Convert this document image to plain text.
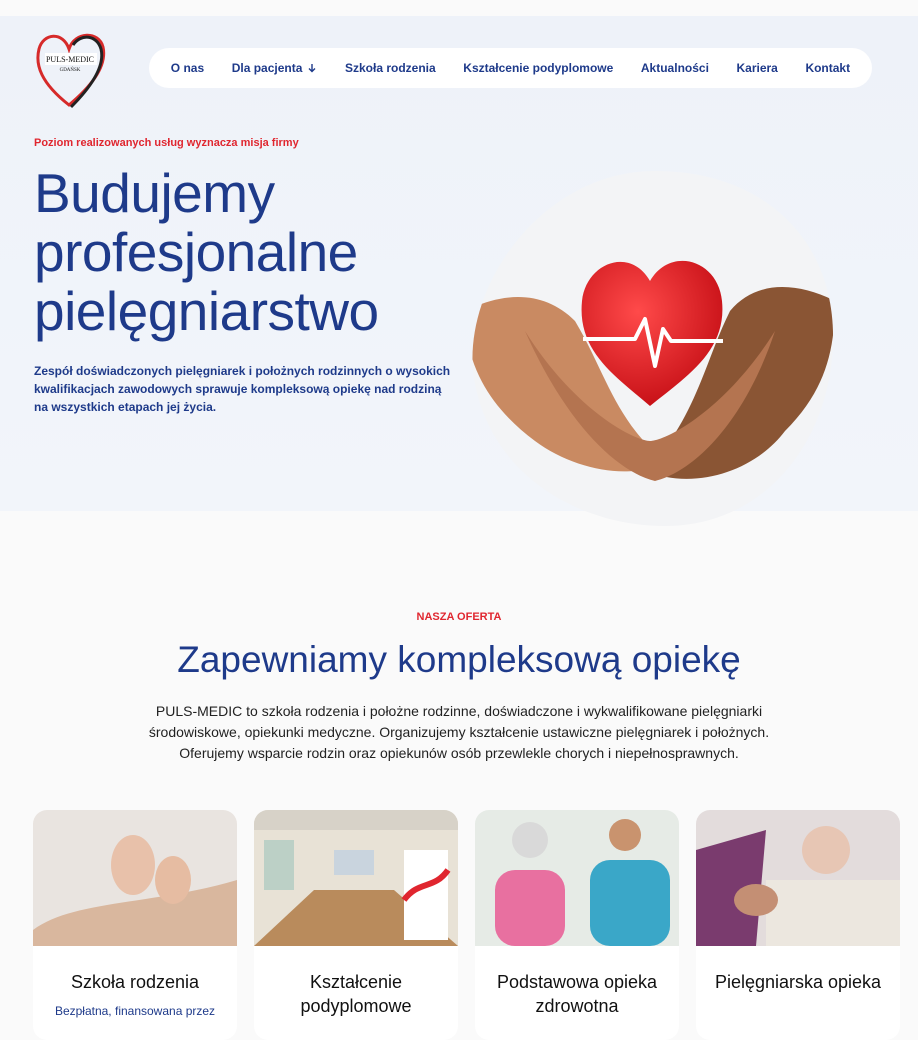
PULS-MEDIC
GDAŃSK	O nas Dla pacjenta	Szkoła rodzenia Kształcenie podyplomowe Aktualności Kariera Kontakt
Poziom realizowanych usług wyznacza misja firmy
Budujemy
profesjonalne
pielęgniarstwo

Zespół doświadczonych pielęgniarek i położnych rodzinnych o wysokich kwalifikacjach zawodowych sprawuje kompleksową opiekę nad rodziną na wszystkich etapach jej życia.

NASZA OFERTA
Zapewniamy kompleksową opiekę

PULS-MEDIC to szkoła rodzenia i położne rodzinne, doświadczone i wykwalifikowane pielęgniarki środowiskowe, opiekunki medyczne. Organizujemy kształcenie ustawiczne pielęgniarek i położnych. Oferujemy wsparcie rodzin oraz opiekunów osób przewlekle chorych i niepełnosprawnych.

Szkoła rodzenia
Bezpłatna, finansowana przez
Kształcenie podyplomowe
Podstawowa opieka zdrowotna
Pielęgniarska opieka
